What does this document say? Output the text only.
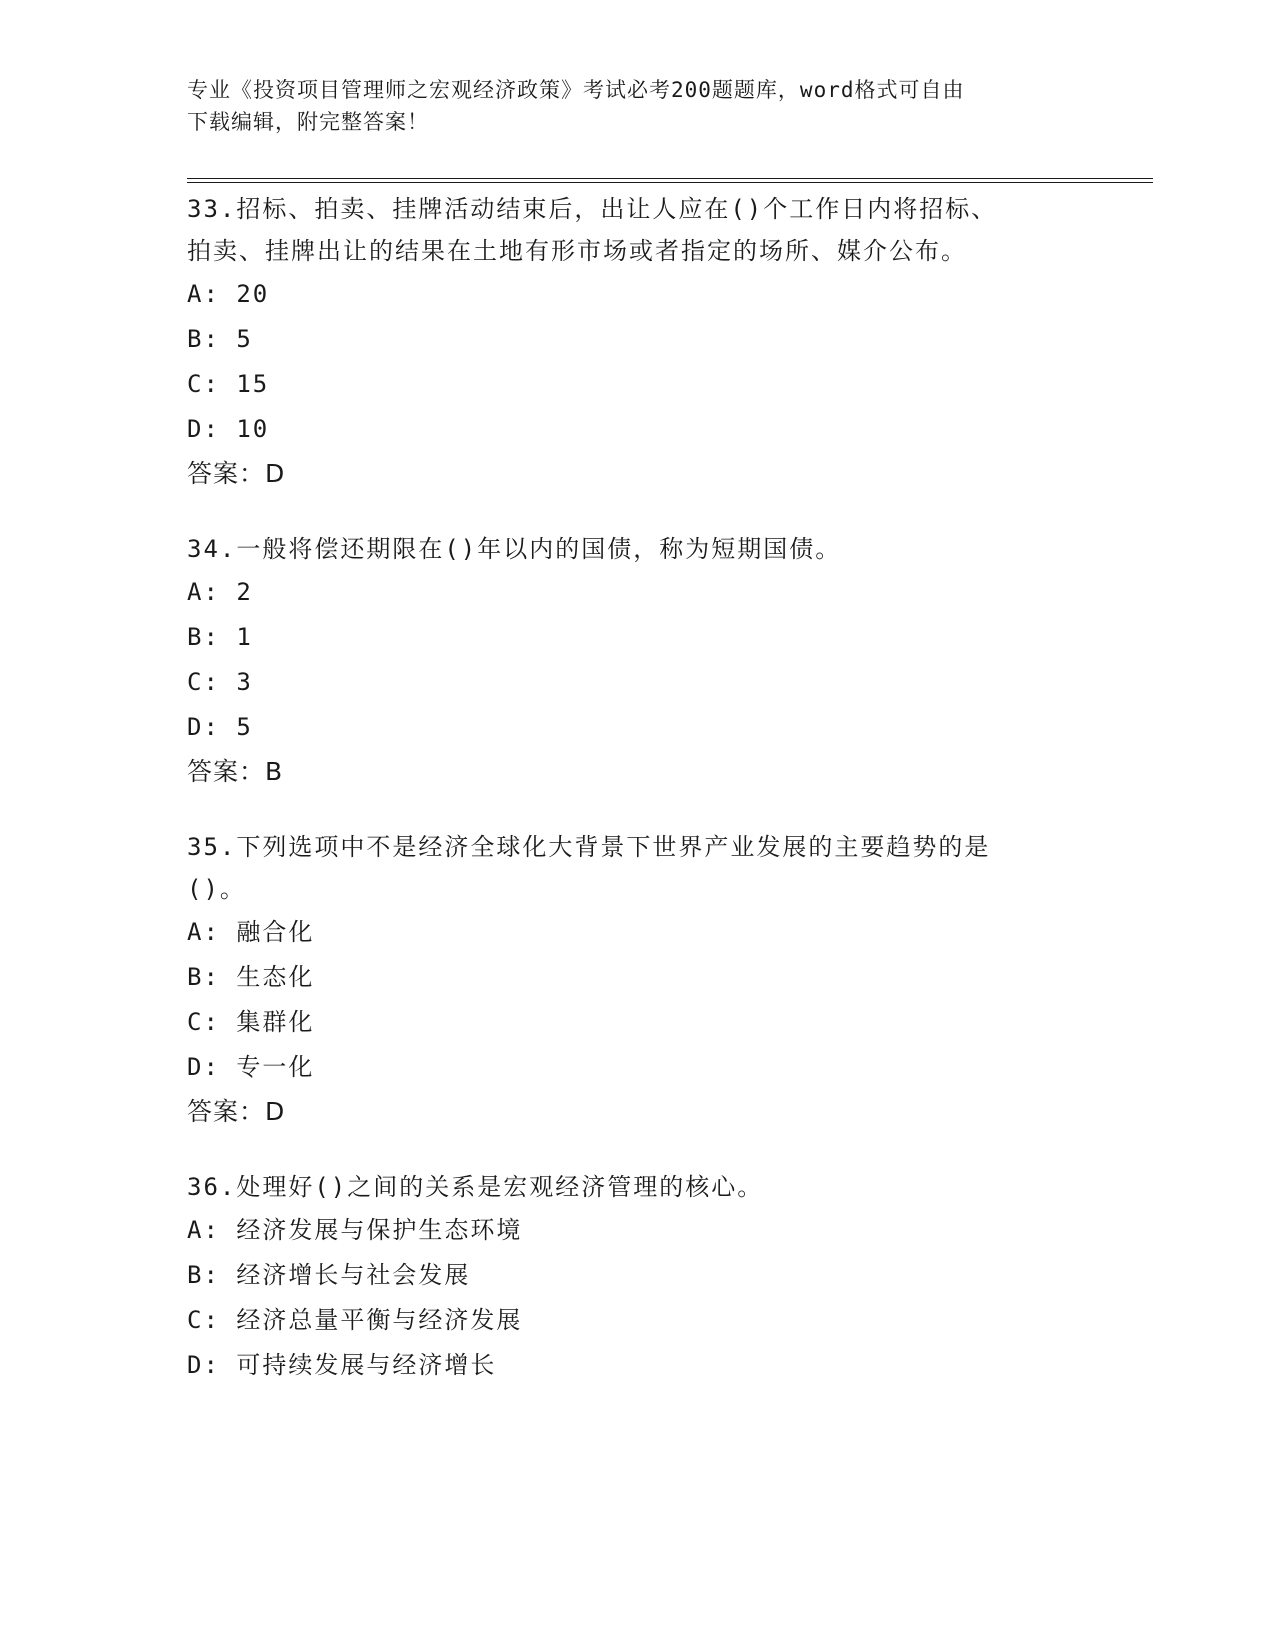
专业《投资项目管理师之宏观经济政策》考试必考200题题库，word格式可自由
下载编辑，附完整答案！

33.招标、拍卖、挂牌活动结束后，出让人应在()个工作日内将招标、

拍卖、挂牌出让的结果在土地有形市场或者指定的场所、媒介公布。

A: 20

B: 5

C: 15

D: 10

答案：D

34.一般将偿还期限在()年以内的国债，称为短期国债。

A: 2

B: 1

C: 3

D: 5

答案：B

35.下列选项中不是经济全球化大背景下世界产业发展的主要趋势的是

()。

A: 融合化

B: 生态化

C: 集群化

D: 专一化

答案：D

36.处理好()之间的关系是宏观经济管理的核心。

A: 经济发展与保护生态环境

B: 经济增长与社会发展

C: 经济总量平衡与经济发展

D: 可持续发展与经济增长
